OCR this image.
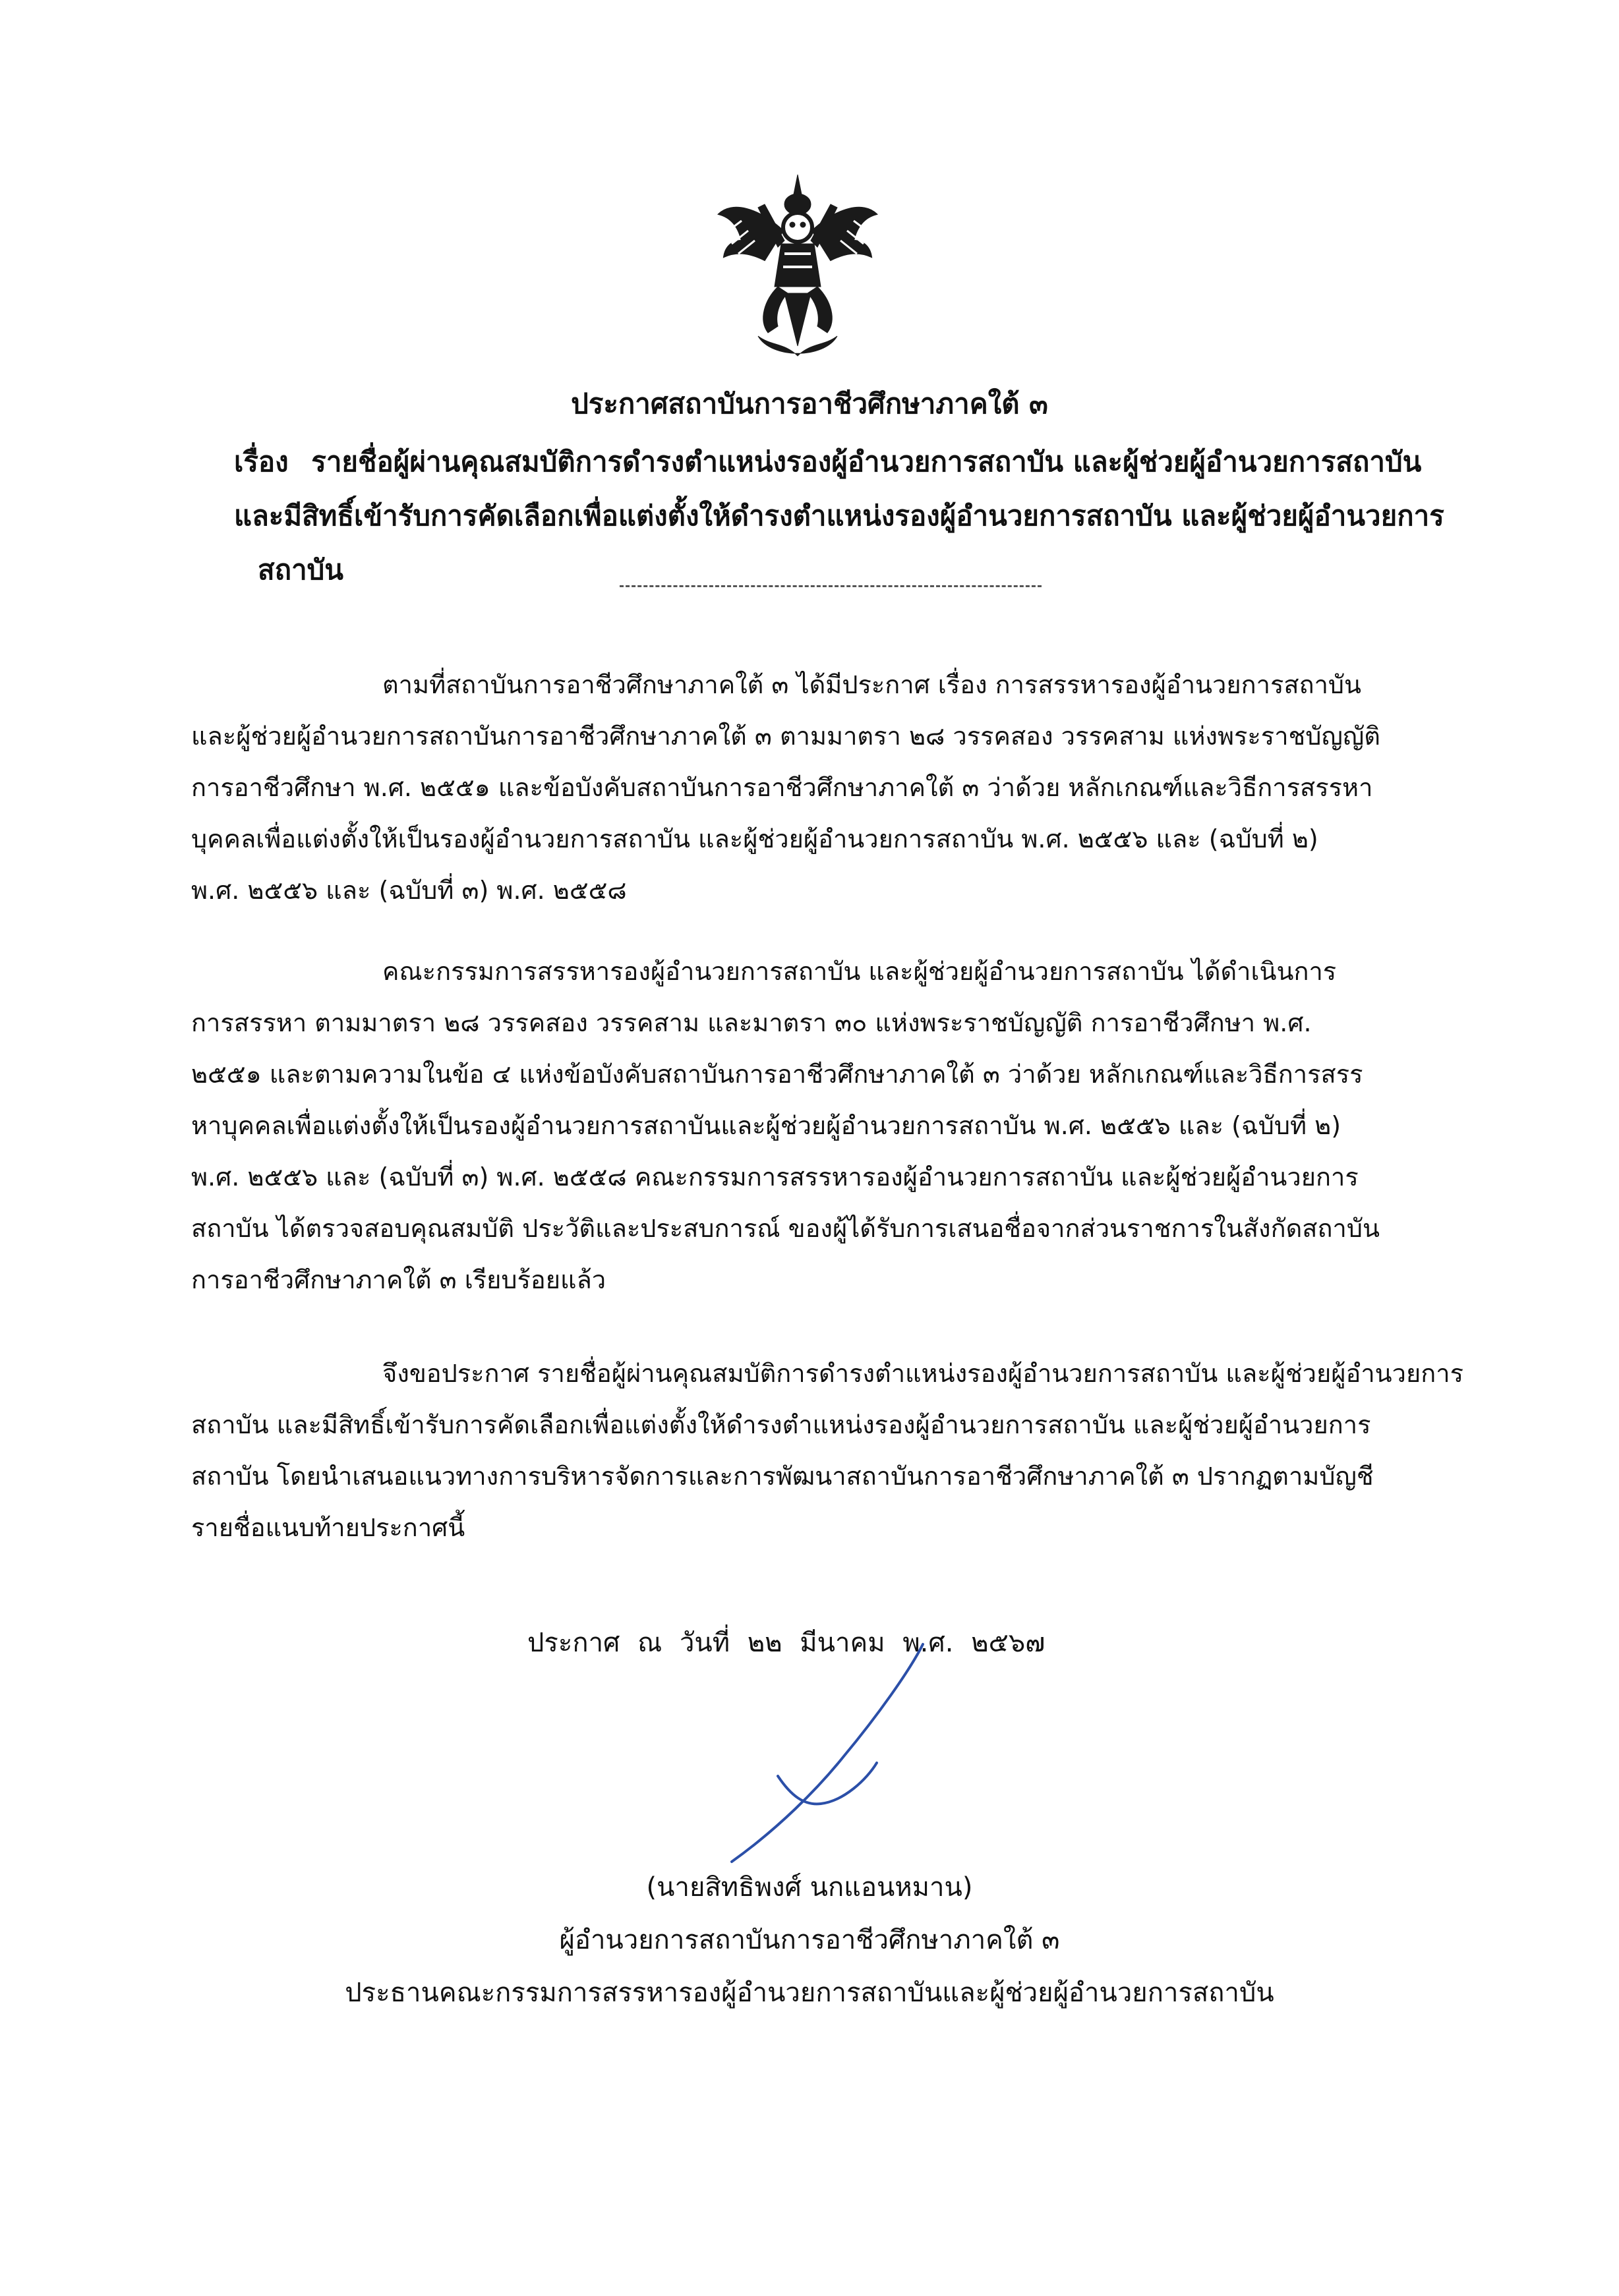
ประกาศสถาบันการอาชีวศึกษาภาคใต้ ๓
เรื่อง รายชื่อผู้ผ่านคุณสมบัติการดำรงตำแหน่งรองผู้อำนวยการสถาบัน และผู้ช่วยผู้อำนวยการสถาบัน
และมีสิทธิ์เข้ารับการคัดเลือกเพื่อแต่งตั้งให้ดำรงตำแหน่งรองผู้อำนวยการสถาบัน และผู้ช่วยผู้อำนวยการ
สถาบัน
ตามที่สถาบันการอาชีวศึกษาภาคใต้ ๓ ได้มีประกาศ เรื่อง การสรรหารองผู้อำนวยการสถาบัน
และผู้ช่วยผู้อำนวยการสถาบันการอาชีวศึกษาภาคใต้ ๓ ตามมาตรา ๒๘ วรรคสอง วรรคสาม แห่งพระราชบัญญัติ
การอาชีวศึกษา พ.ศ. ๒๕๕๑ และข้อบังคับสถาบันการอาชีวศึกษาภาคใต้ ๓ ว่าด้วย หลักเกณฑ์และวิธีการสรรหา
บุคคลเพื่อแต่งตั้งให้เป็นรองผู้อำนวยการสถาบัน และผู้ช่วยผู้อำนวยการสถาบัน พ.ศ. ๒๕๕๖ และ (ฉบับที่ ๒)
พ.ศ. ๒๕๕๖ และ (ฉบับที่ ๓) พ.ศ. ๒๕๕๘
คณะกรรมการสรรหารองผู้อำนวยการสถาบัน และผู้ช่วยผู้อำนวยการสถาบัน ได้ดำเนินการ
การสรรหา ตามมาตรา ๒๘ วรรคสอง วรรคสาม และมาตรา ๓๐ แห่งพระราชบัญญัติ การอาชีวศึกษา พ.ศ.
๒๕๕๑ และตามความในข้อ ๔ แห่งข้อบังคับสถาบันการอาชีวศึกษาภาคใต้ ๓ ว่าด้วย หลักเกณฑ์และวิธีการสรร
หาบุคคลเพื่อแต่งตั้งให้เป็นรองผู้อำนวยการสถาบันและผู้ช่วยผู้อำนวยการสถาบัน พ.ศ. ๒๕๕๖ และ (ฉบับที่ ๒)
พ.ศ. ๒๕๕๖ และ (ฉบับที่ ๓) พ.ศ. ๒๕๕๘ คณะกรรมการสรรหารองผู้อำนวยการสถาบัน และผู้ช่วยผู้อำนวยการ
สถาบัน ได้ตรวจสอบคุณสมบัติ ประวัติและประสบการณ์ ของผู้ได้รับการเสนอชื่อจากส่วนราชการในสังกัดสถาบัน
การอาชีวศึกษาภาคใต้ ๓ เรียบร้อยแล้ว
จึงขอประกาศ รายชื่อผู้ผ่านคุณสมบัติการดำรงตำแหน่งรองผู้อำนวยการสถาบัน และผู้ช่วยผู้อำนวยการ
สถาบัน และมีสิทธิ์เข้ารับการคัดเลือกเพื่อแต่งตั้งให้ดำรงตำแหน่งรองผู้อำนวยการสถาบัน และผู้ช่วยผู้อำนวยการ
สถาบัน โดยนำเสนอแนวทางการบริหารจัดการและการพัฒนาสถาบันการอาชีวศึกษาภาคใต้ ๓ ปรากฏตามบัญชี
รายชื่อแนบท้ายประกาศนี้
ประกาศ ณ วันที่ ๒๒ มีนาคม พ.ศ. ๒๕๖๗
(นายสิทธิพงศ์ นกแอนหมาน)
ผู้อำนวยการสถาบันการอาชีวศึกษาภาคใต้ ๓
ประธานคณะกรรมการสรรหารองผู้อำนวยการสถาบันและผู้ช่วยผู้อำนวยการสถาบัน
